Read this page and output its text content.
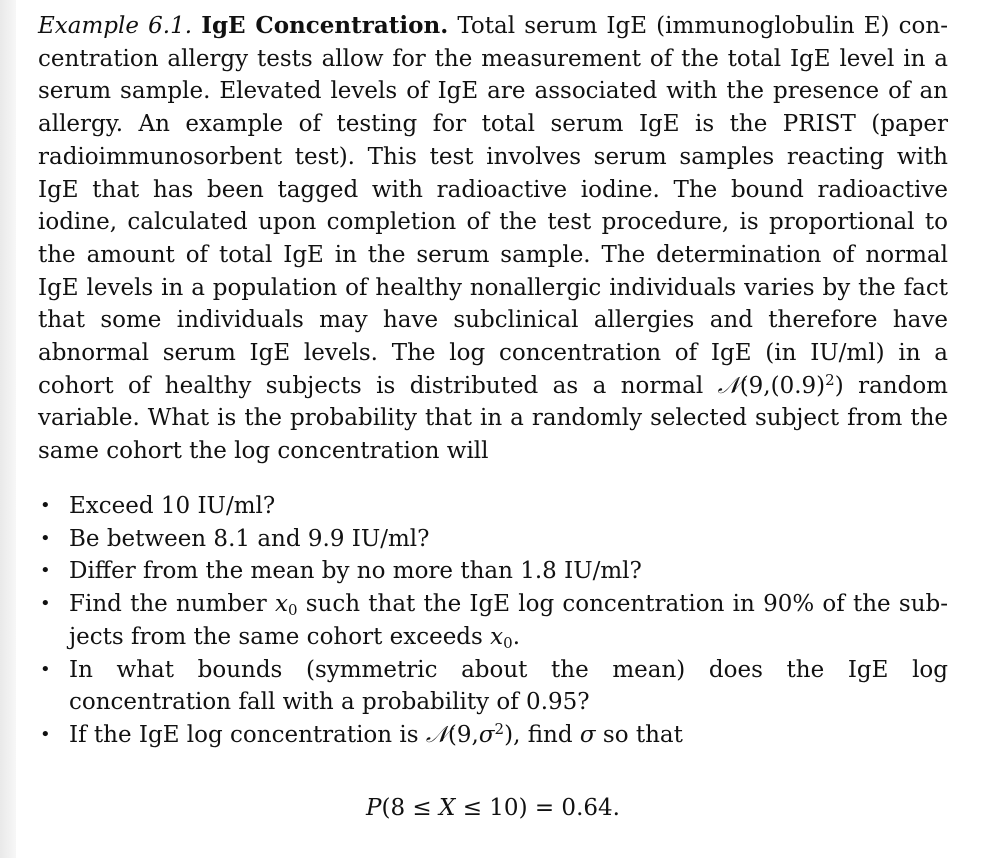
Example 6.1. IgE Concentration. Total serum IgE (immunoglobulin E) concentration allergy tests allow for the measurement of the total IgE level in a serum sample. Elevated levels of IgE are associated with the presence of an allergy. An example of testing for total serum IgE is the PRIST (paper radioimmunosorbent test). This test involves serum samples reacting with IgE that has been tagged with radioactive iodine. The bound radioactive iodine, calculated upon completion of the test procedure, is proportional to the amount of total IgE in the serum sample. The determination of normal IgE levels in a population of healthy nonallergic individuals varies by the fact that some individuals may have subclinical allergies and therefore have abnormal serum IgE levels. The log concentration of IgE (in IU/ml) in a cohort of healthy subjects is distributed as a normal $𝒩(9,(0.9)^2)$ random variable. What is the probability that in a randomly selected subject from the same cohort the log concentration will

• Exceed 10 IU/ml?
• Be between 8.1 and 9.9 IU/ml?
• Differ from the mean by no more than 1.8 IU/ml?
• Find the number $x_0$ such that the IgE log concentration in 90% of the subjects from the same cohort exceeds $x_0$.
• In what bounds (symmetric about the mean) does the IgE log concentration fall with a probability of 0.95?
• If the IgE log concentration is $𝒩(9,\sigma^2)$, find σ so that
P(8 ≤ X ≤ 10) = 0.64.
